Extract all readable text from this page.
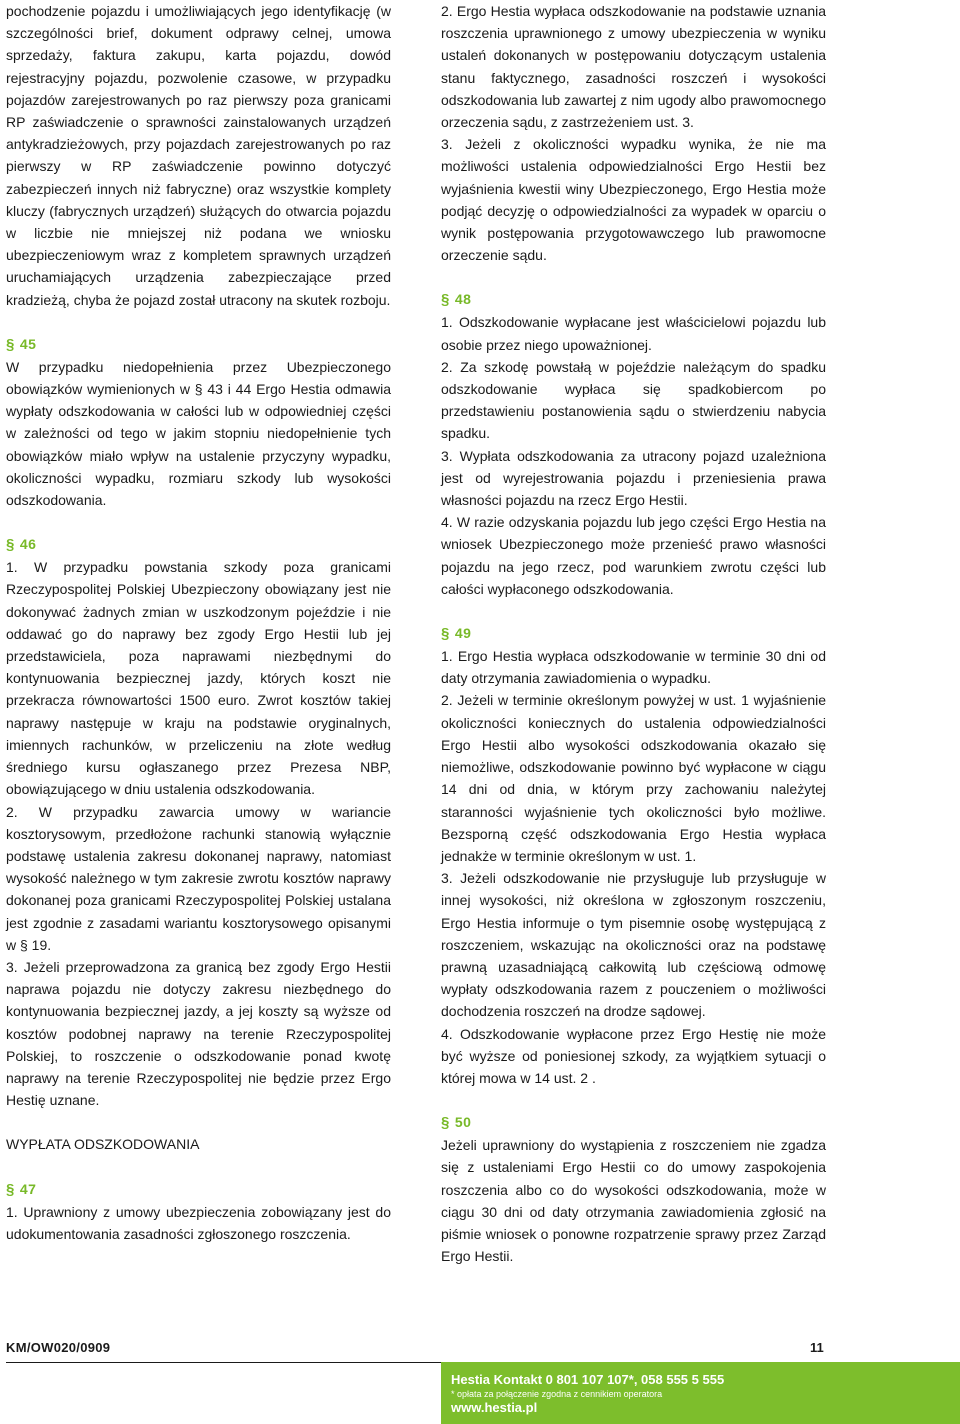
pochodzenie pojazdu i umożliwiających jego identyfikację (w szczególności brief, dokument odprawy celnej, umowa sprzedaży, faktura zakupu, karta pojazdu, dowód rejestracyjny pojazdu, pozwolenie czasowe, w przypadku pojazdów zarejestrowanych po raz pierwszy poza granicami RP zaświadczenie o sprawności zainstalowanych urządzeń antykradzieżowych, przy pojazdach zarejestrowanych po raz pierwszy w RP zaświadczenie powinno dotyczyć zabezpieczeń innych niż fabryczne) oraz wszystkie komplety kluczy (fabrycznych urządzeń) służących do otwarcia pojazdu w liczbie nie mniejszej niż podana we wniosku ubezpieczeniowym wraz z kompletem sprawnych urządzeń uruchamiających urządzenia zabezpieczające przed kradzieżą, chyba że pojazd został utracony na skutek rozboju.

§ 45

W przypadku niedopełnienia przez Ubezpieczonego obowiązków wymienionych w § 43 i 44 Ergo Hestia odmawia wypłaty odszkodowania w całości lub w odpowiedniej części w zależności od tego w jakim stopniu niedopełnienie tych obowiązków miało wpływ na ustalenie przyczyny wypadku, okoliczności wypadku, rozmiaru szkody lub wysokości odszkodowania.

§ 46

1. W przypadku powstania szkody poza granicami Rzeczypospolitej Polskiej Ubezpieczony obowiązany jest nie dokonywać żadnych zmian w uszkodzonym pojeździe i nie oddawać go do naprawy bez zgody Ergo Hestii lub jej przedstawiciela, poza naprawami niezbędnymi do kontynuowania bezpiecznej jazdy, których koszt nie przekracza równowartości 1500 euro. Zwrot kosztów takiej naprawy następuje w kraju na podstawie oryginalnych, imiennych rachunków, w przeliczeniu na złote według średniego kursu ogłaszanego przez Prezesa NBP, obowiązującego w dniu ustalenia odszkodowania.

2. W przypadku zawarcia umowy w wariancie kosztorysowym, przedłożone rachunki stanowią wyłącznie podstawę ustalenia zakresu dokonanej naprawy, natomiast wysokość należnego w tym zakresie zwrotu kosztów naprawy dokonanej poza granicami Rzeczypospolitej Polskiej ustalana jest zgodnie z zasadami wariantu kosztorysowego opisanymi w § 19.

3. Jeżeli przeprowadzona za granicą bez zgody Ergo Hestii naprawa pojazdu nie dotyczy zakresu niezbędnego do kontynuowania bezpiecznej jazdy, a jej koszty są wyższe od kosztów podobnej naprawy na terenie Rzeczypospolitej Polskiej, to roszczenie o odszkodowanie ponad kwotę naprawy na terenie Rzeczypospolitej nie będzie przez Ergo Hestię uznane.

WYPŁATA ODSZKODOWANIA

§ 47

1. Uprawniony z umowy ubezpieczenia zobowiązany jest do udokumentowania zasadności zgłoszonego roszczenia.

2. Ergo Hestia wypłaca odszkodowanie na podstawie uznania roszczenia uprawnionego z umowy ubezpieczenia w wyniku ustaleń dokonanych w postępowaniu dotyczącym ustalenia stanu faktycznego, zasadności roszczeń i wysokości odszkodowania lub zawartej z nim ugody albo prawomocnego orzeczenia sądu, z zastrzeżeniem ust. 3.

3. Jeżeli z okoliczności wypadku wynika, że nie ma możliwości ustalenia odpowiedzialności Ergo Hestii bez wyjaśnienia kwestii winy Ubezpieczonego, Ergo Hestia może podjąć decyzję o odpowiedzialności za wypadek w oparciu o wynik postępowania przygotowawczego lub prawomocne orzeczenie sądu.

§ 48

1. Odszkodowanie wypłacane jest właścicielowi pojazdu lub osobie przez niego upoważnionej.

2. Za szkodę powstałą w pojeździe należącym do spadku odszkodowanie wypłaca się spadkobiercom po przedstawieniu postanowienia sądu o stwierdzeniu nabycia spadku.

3. Wypłata odszkodowania za utracony pojazd uzależniona jest od wyrejestrowania pojazdu i przeniesienia prawa własności pojazdu na rzecz Ergo Hestii.

4. W razie odzyskania pojazdu lub jego części Ergo Hestia na wniosek Ubezpieczonego może przenieść prawo własności pojazdu na jego rzecz, pod warunkiem zwrotu części lub całości wypłaconego odszkodowania.

§ 49

1. Ergo Hestia wypłaca odszkodowanie w terminie 30 dni od daty otrzymania zawiadomienia o wypadku.

2. Jeżeli w terminie określonym powyżej w ust. 1 wyjaśnienie okoliczności koniecznych do ustalenia odpowiedzialności Ergo Hestii albo wysokości odszkodowania okazało się niemożliwe, odszkodowanie powinno być wypłacone w ciągu 14 dni od dnia, w którym przy zachowaniu należytej staranności wyjaśnienie tych okoliczności było możliwe. Bezsporną część odszkodowania Ergo Hestia wypłaca jednakże w terminie określonym w ust. 1.

3. Jeżeli odszkodowanie nie przysługuje lub przysługuje w innej wysokości, niż określona w zgłoszonym roszczeniu, Ergo Hestia informuje o tym pisemnie osobę występującą z roszczeniem, wskazując na okoliczności oraz na podstawę prawną uzasadniającą całkowitą lub częściową odmowę wypłaty odszkodowania razem z pouczeniem o możliwości dochodzenia roszczeń na drodze sądowej.

4. Odszkodowanie wypłacone przez Ergo Hestię nie może być wyższe od poniesionej szkody, za wyjątkiem sytuacji o której mowa w 14 ust. 2 .

§ 50

Jeżeli uprawniony do wystąpienia z roszczeniem nie zgadza się z ustaleniami Ergo Hestii co do umowy zaspokojenia roszczenia albo co do wysokości odszkodowania, może w ciągu 30 dni od daty otrzymania zawiadomienia zgłosić na piśmie wniosek o ponowne rozpatrzenie sprawy przez Zarząd Ergo Hestii.

KM/OW020/0909	11
Hestia Kontakt 0 801 107 107*, 058 555 5 555
* opłata za połączenie zgodna z cennikiem operatora
www.hestia.pl
